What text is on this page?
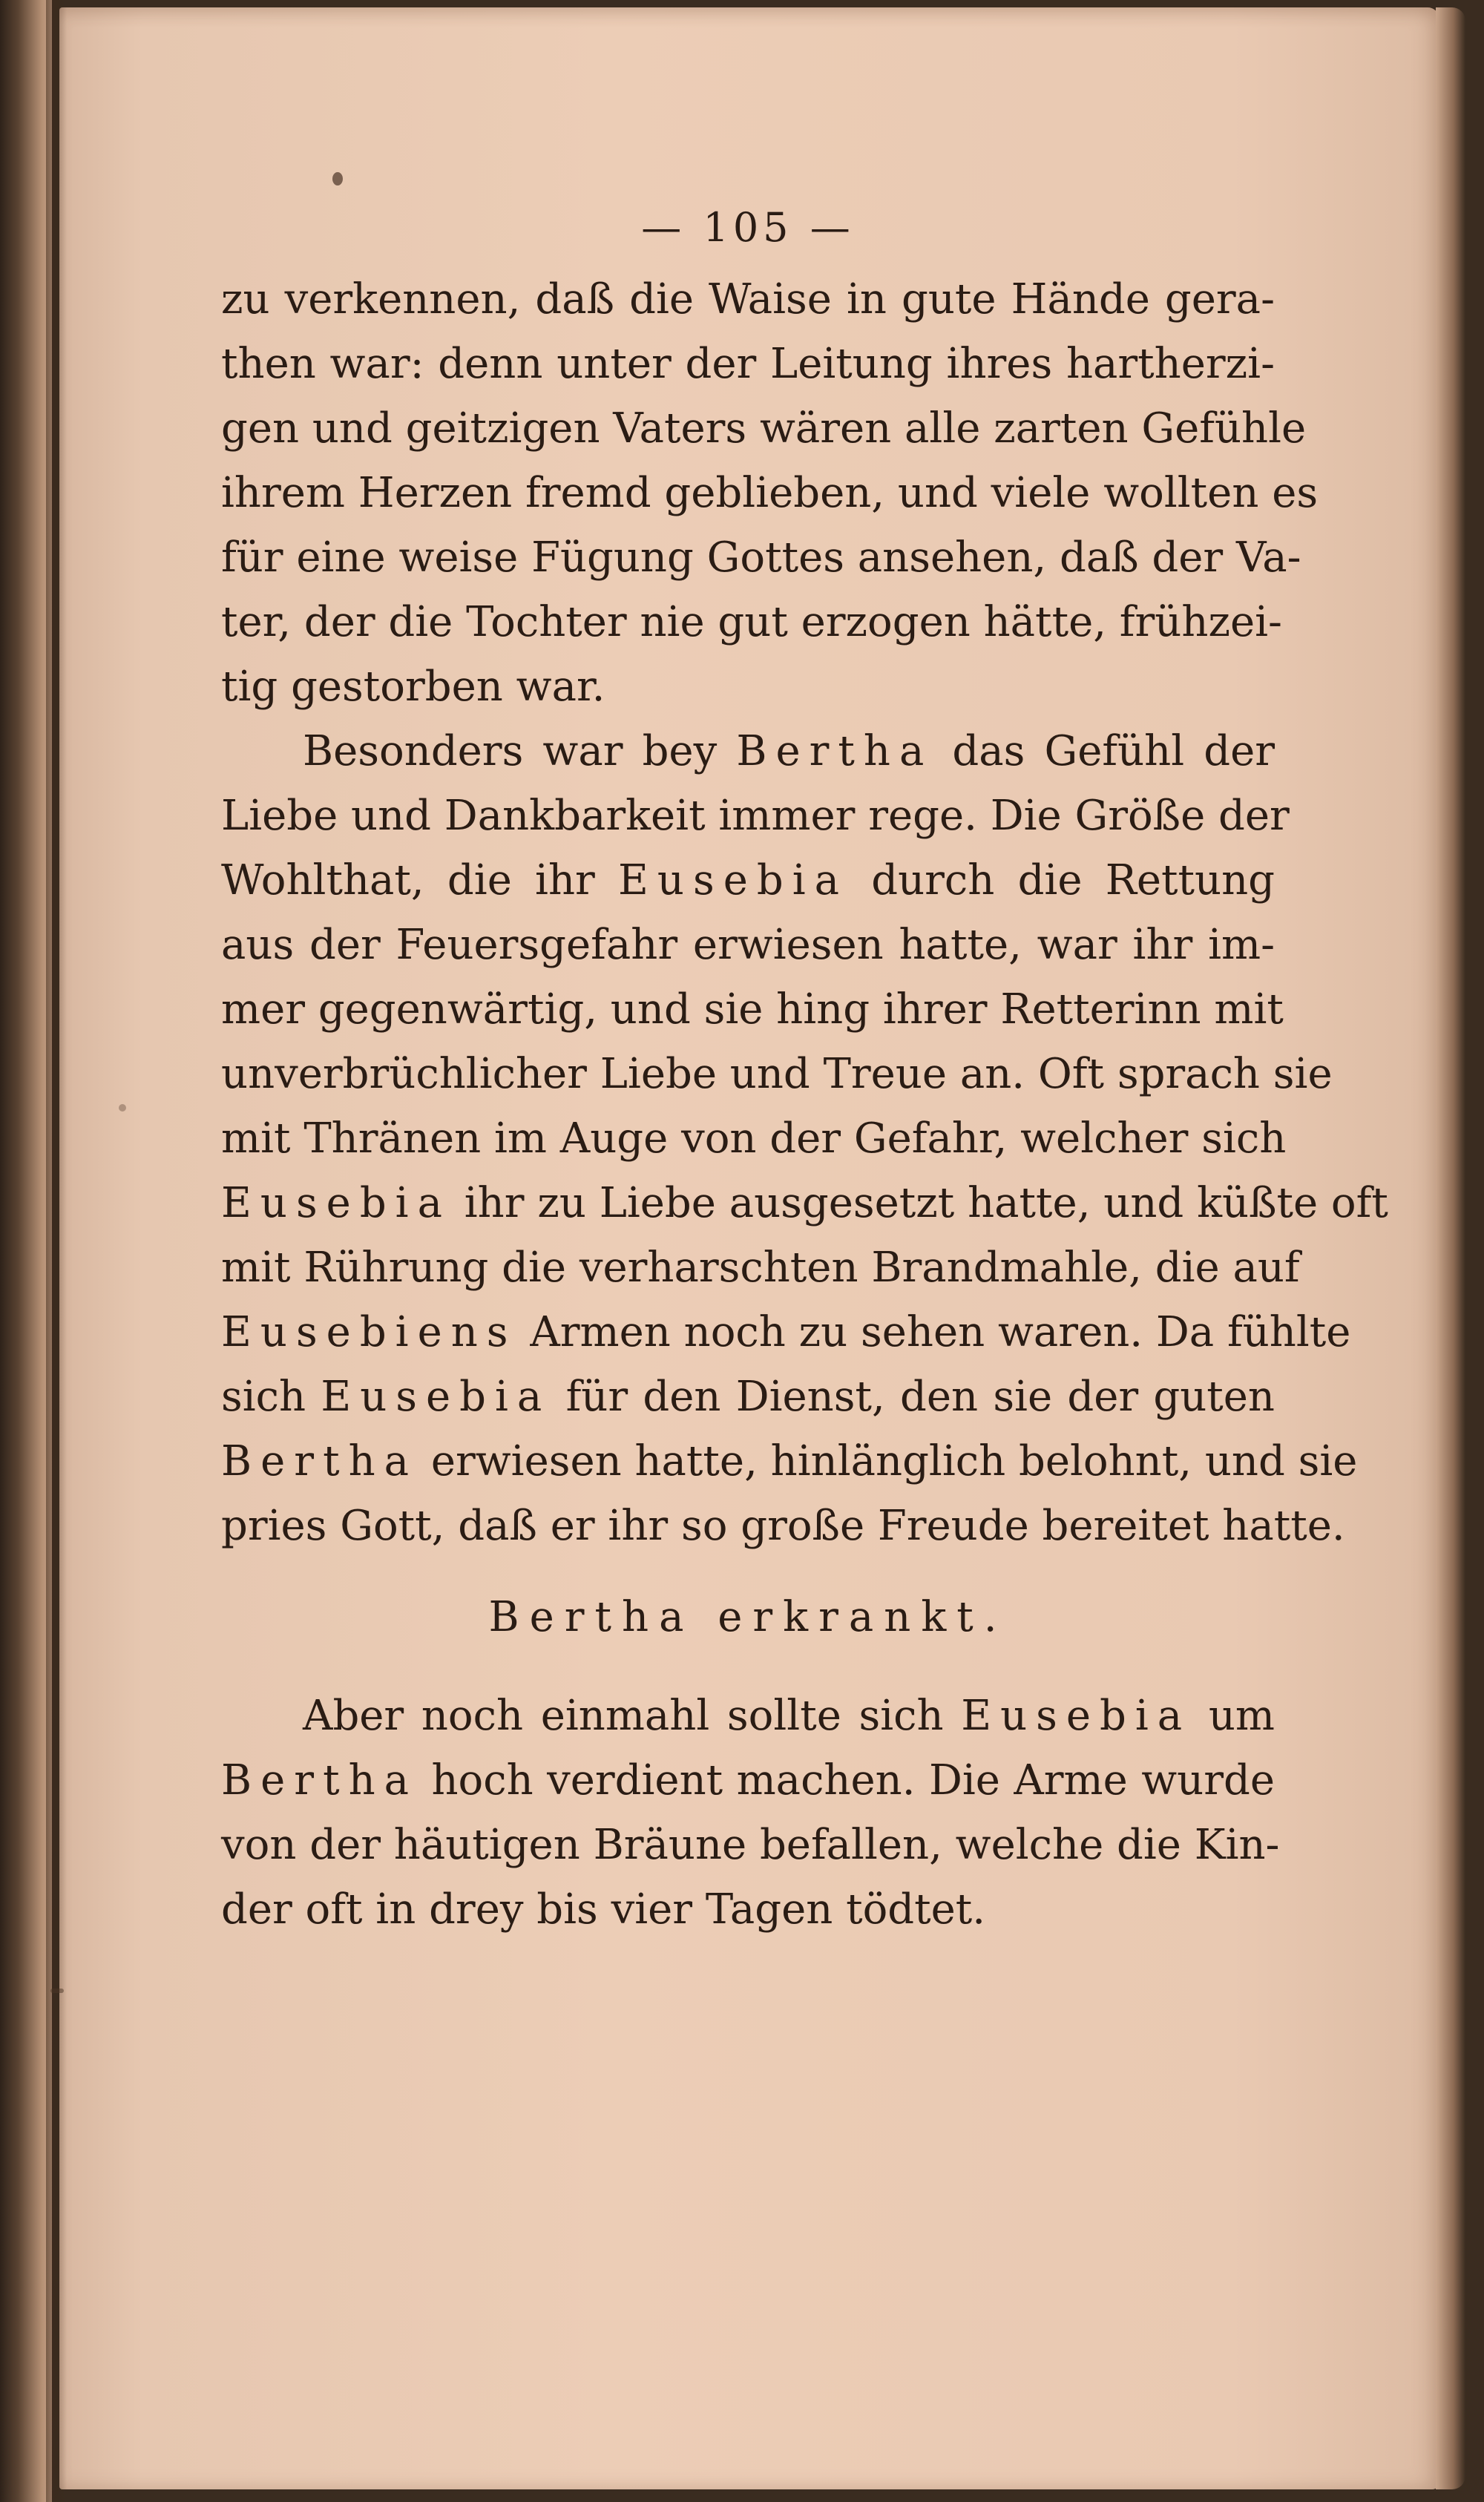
— 105 —
zu verkennen, daß die Waise in gute Hände gera-
then war: denn unter der Leitung ihres hartherzi-
gen und geitzigen Vaters wären alle zarten Gefühle
ihrem Herzen fremd geblieben, und viele wollten es
für eine weise Fügung Gottes ansehen, daß der Va-
ter, der die Tochter nie gut erzogen hätte, frühzei-
tig gestorben war.
Besonders war bey Bertha das Gefühl der
Liebe und Dankbarkeit immer rege. Die Größe der
Wohlthat, die ihr Eusebia durch die Rettung
aus der Feuersgefahr erwiesen hatte, war ihr im-
mer gegenwärtig, und sie hing ihrer Retterinn mit
unverbrüchlicher Liebe und Treue an. Oft sprach sie
mit Thränen im Auge von der Gefahr, welcher sich
Eusebia ihr zu Liebe ausgesetzt hatte, und küßte oft
mit Rührung die verharschten Brandmahle, die auf
Eusebiens Armen noch zu sehen waren. Da fühlte
sich Eusebia für den Dienst, den sie der guten
Bertha erwiesen hatte, hinlänglich belohnt, und sie
pries Gott, daß er ihr so große Freude bereitet hatte.
Bertha erkrankt.
Aber noch einmahl sollte sich Eusebia um
Bertha hoch verdient machen. Die Arme wurde
von der häutigen Bräune befallen, welche die Kin-
der oft in drey bis vier Tagen tödtet.
